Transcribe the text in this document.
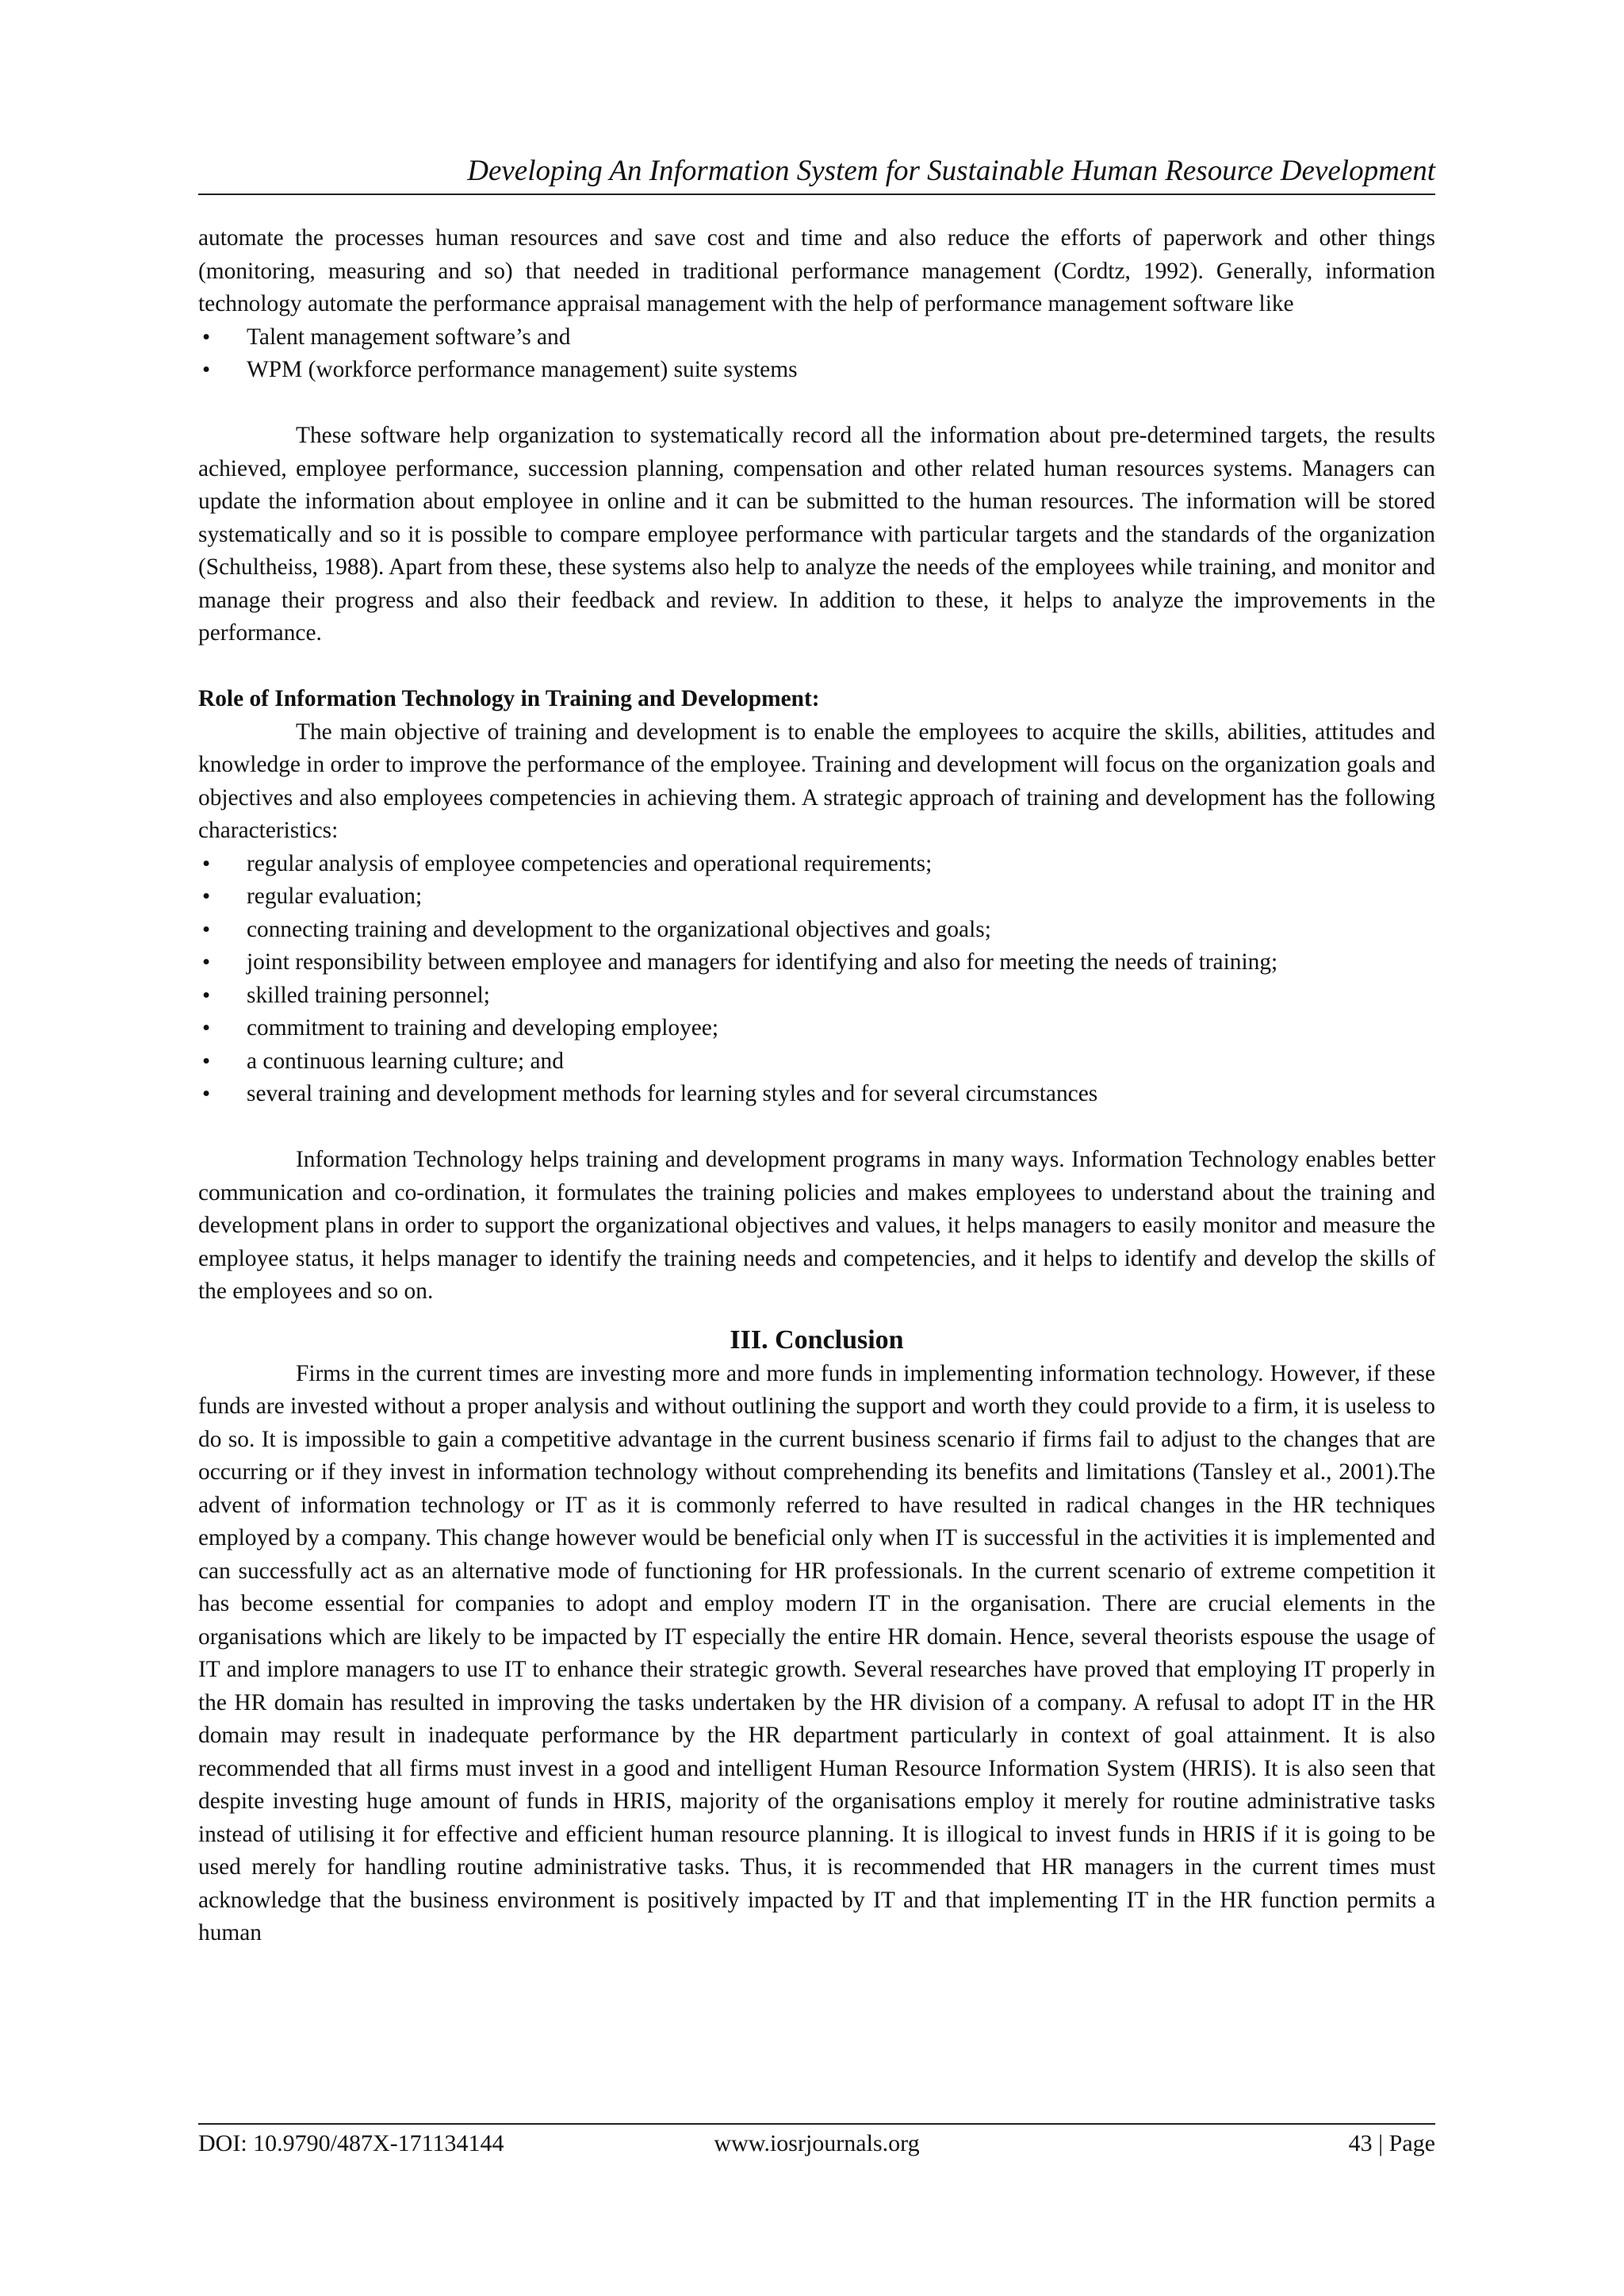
Developing An Information System for Sustainable Human Resource Development

automate the processes human resources and save cost and time and also reduce the efforts of paperwork and other things (monitoring, measuring and so) that needed in traditional performance management (Cordtz, 1992). Generally, information technology automate the performance appraisal management with the help of performance management software like

• Talent management software’s and
• WPM (workforce performance management) suite systems

These software help organization to systematically record all the information about pre-determined targets, the results achieved, employee performance, succession planning, compensation and other related human resources systems. Managers can update the information about employee in online and it can be submitted to the human resources. The information will be stored systematically and so it is possible to compare employee performance with particular targets and the standards of the organization (Schultheiss, 1988). Apart from these, these systems also help to analyze the needs of the employees while training, and monitor and manage their progress and also their feedback and review. In addition to these, it helps to analyze the improvements in the performance.

Role of Information Technology in Training and Development:

The main objective of training and development is to enable the employees to acquire the skills, abilities, attitudes and knowledge in order to improve the performance of the employee. Training and development will focus on the organization goals and objectives and also employees competencies in achieving them. A strategic approach of training and development has the following characteristics:

• regular analysis of employee competencies and operational requirements;
• regular evaluation;
• connecting training and development to the organizational objectives and goals;
• joint responsibility between employee and managers for identifying and also for meeting the needs of training;
• skilled training personnel;
• commitment to training and developing employee;
• a continuous learning culture; and
• several training and development methods for learning styles and for several circumstances

Information Technology helps training and development programs in many ways. Information Technology enables better communication and co-ordination, it formulates the training policies and makes employees to understand about the training and development plans in order to support the organizational objectives and values, it helps managers to easily monitor and measure the employee status, it helps manager to identify the training needs and competencies, and it helps to identify and develop the skills of the employees and so on.

III. Conclusion

Firms in the current times are investing more and more funds in implementing information technology. However, if these funds are invested without a proper analysis and without outlining the support and worth they could provide to a firm, it is useless to do so. It is impossible to gain a competitive advantage in the current business scenario if firms fail to adjust to the changes that are occurring or if they invest in information technology without comprehending its benefits and limitations (Tansley et al., 2001).The advent of information technology or IT as it is commonly referred to have resulted in radical changes in the HR techniques employed by a company. This change however would be beneficial only when IT is successful in the activities it is implemented and can successfully act as an alternative mode of functioning for HR professionals. In the current scenario of extreme competition it has become essential for companies to adopt and employ modern IT in the organisation. There are crucial elements in the organisations which are likely to be impacted by IT especially the entire HR domain. Hence, several theorists espouse the usage of IT and implore managers to use IT to enhance their strategic growth. Several researches have proved that employing IT properly in the HR domain has resulted in improving the tasks undertaken by the HR division of a company. A refusal to adopt IT in the HR domain may result in inadequate performance by the HR department particularly in context of goal attainment. It is also recommended that all firms must invest in a good and intelligent Human Resource Information System (HRIS). It is also seen that despite investing huge amount of funds in HRIS, majority of the organisations employ it merely for routine administrative tasks instead of utilising it for effective and efficient human resource planning. It is illogical to invest funds in HRIS if it is going to be used merely for handling routine administrative tasks. Thus, it is recommended that HR managers in the current times must acknowledge that the business environment is positively impacted by IT and that implementing IT in the HR function permits a human

DOI: 10.9790/487X-171134144	www.iosrjournals.org	43 | Page
